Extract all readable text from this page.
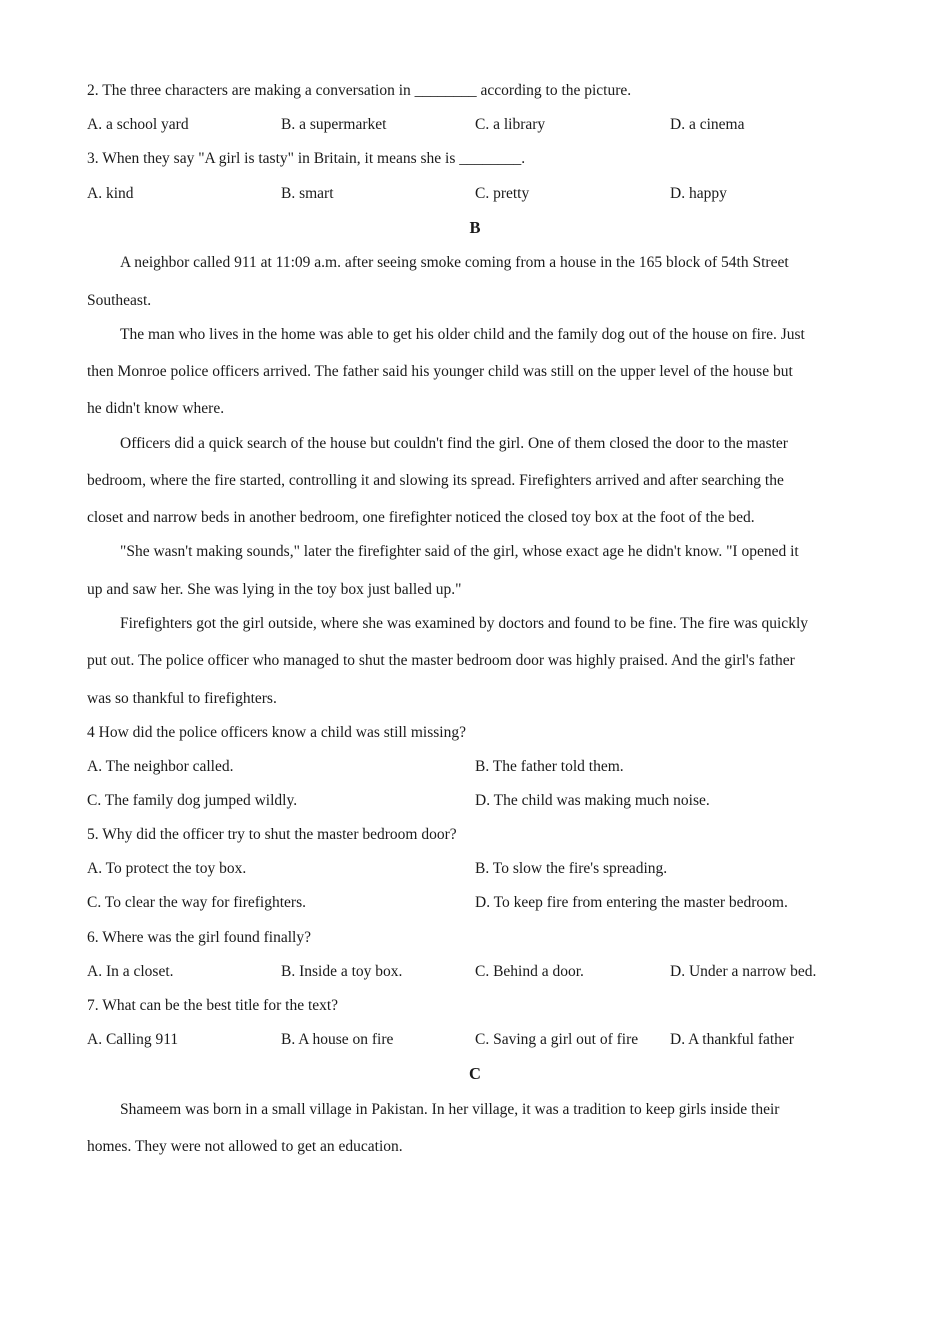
2. The three characters are making a conversation in ________ according to the picture.
A. a school yard	B. a supermarket	C. a library	D. a cinema
3. When they say "A girl is tasty" in Britain, it means she is ________.
A. kind	B. smart	C. pretty	D. happy
B
A neighbor called 911 at 11:09 a.m. after seeing smoke coming from a house in the 165 block of 54th Street
Southeast.
The man who lives in the home was able to get his older child and the family dog out of the house on fire. Just
then Monroe police officers arrived. The father said his younger child was still on the upper level of the house but
he didn't know where.
Officers did a quick search of the house but couldn't find the girl. One of them closed the door to the master
bedroom, where the fire started, controlling it and slowing its spread. Firefighters arrived and after searching the
closet and narrow beds in another bedroom, one firefighter noticed the closed toy box at the foot of the bed.
"She wasn't making sounds," later the firefighter said of the girl, whose exact age he didn't know. "I opened it
up and saw her. She was lying in the toy box just balled up."
Firefighters got the girl outside, where she was examined by doctors and found to be fine. The fire was quickly
put out. The police officer who managed to shut the master bedroom door was highly praised. And the girl's father
was so thankful to firefighters.
4 How did the police officers know a child was still missing?
A. The neighbor called.	B. The father told them.
C. The family dog jumped wildly.	D. The child was making much noise.
5. Why did the officer try to shut the master bedroom door?
A. To protect the toy box.	B. To slow the fire's spreading.
C. To clear the way for firefighters.	D. To keep fire from entering the master bedroom.
6. Where was the girl found finally?
A. In a closet.	B. Inside a toy box.	C. Behind a door.	D. Under a narrow bed.
7. What can be the best title for the text?
A. Calling 911	B. A house on fire	C. Saving a girl out of fire D. A thankful father
C
Shameem was born in a small village in Pakistan. In her village, it was a tradition to keep girls inside their
homes. They were not allowed to get an education.
